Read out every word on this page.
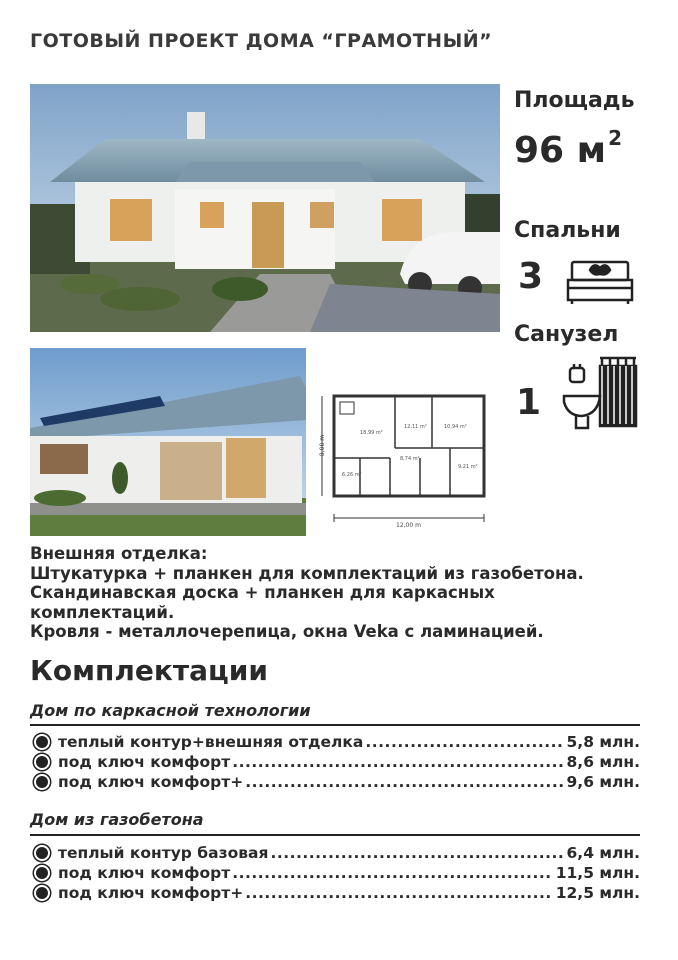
ГОТОВЫЙ ПРОЕКТ ДОМА “ГРАМОТНЫЙ”
Площадь
96 м $^2$
Спальни
3
Санузел
1
18,99 m²
12,11 m²	10,94 m²
6,26 m²
8,74 m²
9,21 m²
12,00 m
8,00 m
Внешняя отделка:
Штукатурка + планкен для комплектаций из газобетона.
Скандинавская доска + планкен для каркасных
комплектаций.
Кровля - металлочерепица, окна Veka с ламинацией.
Комплектации
Дом по каркасной технологии
теплый контур+внешняя отделка .....	5,8 млн.
под ключ комфорт .....	8,6 млн.
под ключ комфорт+ .....	9,6 млн.
Дом из газобетона
теплый контур базовая .....	6,4 млн.
под ключ комфорт .....	11,5 млн.
под ключ комфорт+ .....	12,5 млн.
